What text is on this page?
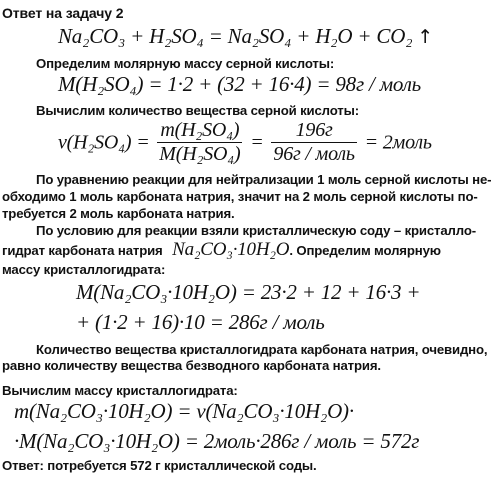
Ответ на задачу 2
Na₂CO₃ + H₂SO₄ = Na₂SO₄ + H₂O + CO₂ ↑
Определим молярную массу серной кислоты:
M(H₂SO₄) = 1·2 + (32 + 16·4) = 98г / моль
Вычислим количество вещества серной кислоты:
$\nu(H_2SO_4) = \frac{\text{m(H₂SO₄)}}{\text{M(H₂SO₄)}} = \frac{196г}{\text{96г / моль}}$ = 2моль
По уравнению реакции для нейтрализации 1 моль серной кислоты не-
обходимо 1 моль карбоната натрия, значит на 2 моль серной кислоты по-
требуется 2 моль карбоната натрия.
По условию для реакции взяли кристаллическую соду – кристалло-
гидрат карбоната натрия Na₂CO₃·10H₂O. Определим молярную
массу кристаллогидрата:
M(Na₂CO₃·10H₂O) = 23·2 + 12 + 16·3 +
+ (1·2 + 16)·10 = 286г / моль
Количество вещества кристаллогидрата карбоната натрия, очевидно,
равно количеству вещества безводного карбоната натрия.
Вычислим массу кристаллогидрата:
m(Na₂CO₃·10H₂O) = ν(Na₂CO₃·10H₂O)·
·M(Na₂CO₃·10H₂O) = 2моль·286г / моль = 572г
Ответ: потребуется 572 г кристаллической соды.
